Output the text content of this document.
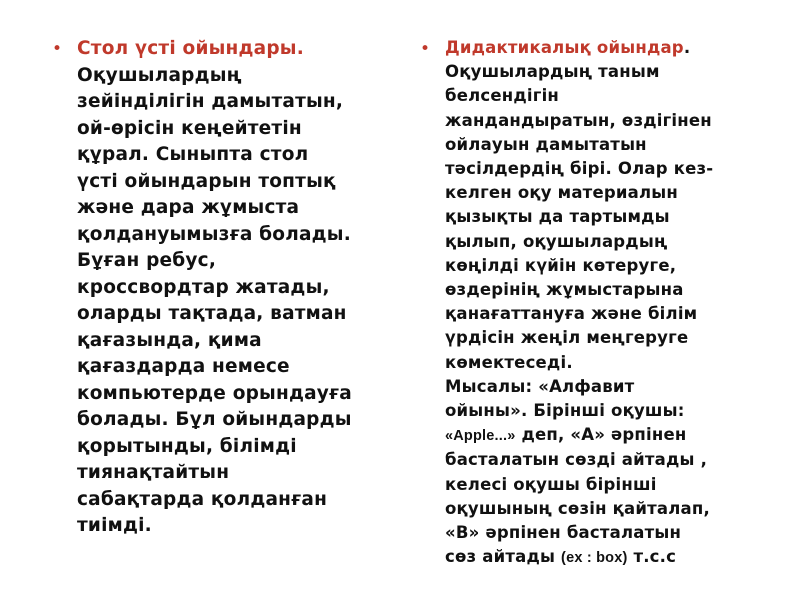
• Стол үсті ойындары.
Оқушылардың
зейінділігін дамытатын,
ой-өрісін кеңейтетін
құрал. Сыныпта стол
үсті ойындарын топтық
және дара жұмыста
қолдануымызға болады.
Бұған ребус,
кроссвордтар жатады,
оларды тақтада, ватман
қағазында, қима
қағаздарда немесе
компьютерде орындауға
болады. Бұл ойындарды
қорытынды, білімді
тиянақтайтын
сабақтарда қолданған
тиімді.
• Дидактикалық ойындар.
Оқушылардың таным
белсендігін
жандандыратын, өздігінен
ойлауын дамытатын
тәсілдердің бірі. Олар кез-
келген оқу материалын
қызықты да тартымды
қылып, оқушылардың
көңілді күйін көтеруге,
өздерінің жұмыстарына
қанағаттануға және білім
үрдісін жеңіл меңгеруге
көмектеседі.
Мысалы: «Алфавит
ойыны». Бірінші оқушы:
«Apple...» деп, «А» әрпінен
басталатын сөзді айтады ,
келесі оқушы бірінші
оқушының сөзін қайталап,
«В» әрпінен басталатын
сөз айтады (ex : box) т.с.с
